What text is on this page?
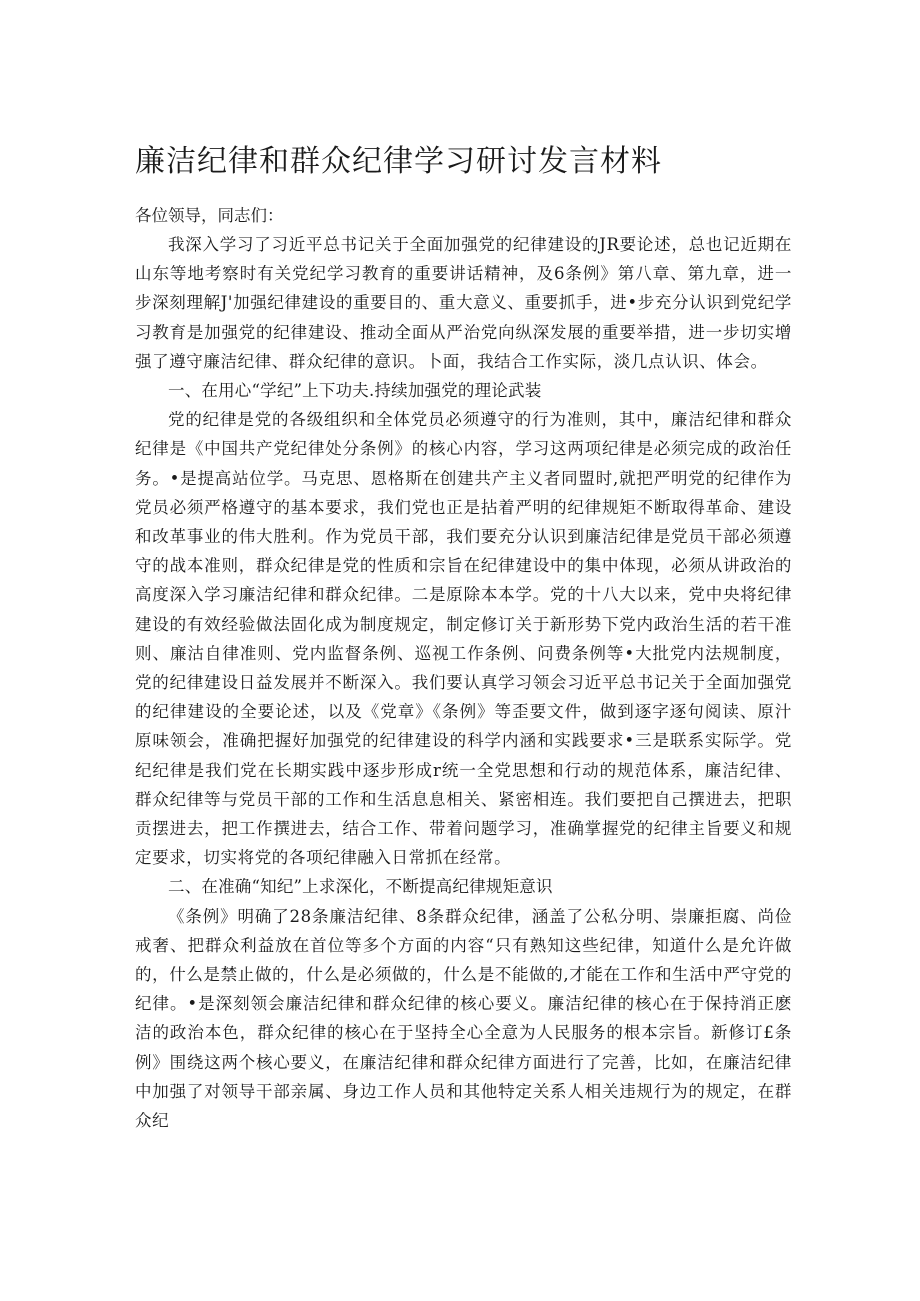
廉洁纪律和群众纪律学习研讨发言材料

各位领导，同志们：

我深入学习了习近平总书记关于全面加强党的纪律建设的JR要论述，总也记近期在山东等地考察时有关党纪学习教育的重要讲话精神，及6条例》第八章、第九章，进一步深刻理解J'加强纪律建设的重要目的、重大意义、重要抓手，进•步充分认识到党纪学习教育是加强党的纪律建设、推动全面从严治党向纵深发展的重要举措，进一步切实增强了遵守廉洁纪律、群众纪律的意识。卜面，我结合工作实际，淡几点认识、体会。

一、在用心“学纪”上下功夫.持续加强党的理论武装

党的纪律是党的各级组织和全体党员必须遵守的行为准则，其中，廉洁纪律和群众纪律是《中国共产党纪律处分条例》的核心内容，学习这两项纪律是必须完成的政治任务。•是提高站位学。马克思、恩格斯在创建共产主义者同盟时,就把严明党的纪律作为党员必须严格遵守的基本要求，我们党也正是拈着严明的纪律规矩不断取得革命、建设和改革事业的伟大胜利。作为党员干部，我们要充分认识到廉洁纪律是党员干部必须遵守的战本准则，群众纪律是党的性质和宗旨在纪律建设中的集中体现，必须从讲政治的高度深入学习廉洁纪律和群众纪律。二是原除本本学。党的十八大以来，党中央将纪律建设的有效经验做法固化成为制度规定，制定修订关于新形势下党内政治生活的若干准则、廉沽自律准则、党内监督条例、巡视工作条例、问费条例等•大批党内法规制度，党的纪律建设日益发展并不断深入。我们要认真学习领会习近平总书记关于全面加强党的纪律建设的全要论述，以及《党章》《条例》等歪要文件，做到逐字逐句阅读、原汁原味领会，准确把握好加强党的纪律建设的科学内涵和实践要求•三是联系实际学。党纪纪律是我们党在长期实践中逐步形成r统一全党思想和行动的规范体系，廉洁纪律、群众纪律等与党员干部的工作和生活息息相关、紧密相连。我们要把自己撰进去，把职贡摆进去，把工作撰进去，结合工作、带着问题学习，准确掌握党的纪律主旨要义和规定要求，切实将党的各项纪律融入日常抓在经常。

二、在准确“知纪”上求深化，不断提高纪律规矩意识

《条例》明确了28条廉洁纪律、8条群众纪律，涵盖了公私分明、崇廉拒腐、尚俭戒奢、把群众利益放在首位等多个方面的内容“只有熟知这些纪律，知道什么是允许做的，什么是禁止做的，什么是必须做的，什么是不能做的,才能在工作和生活中严守党的纪律。•是深刻领会廉洁纪律和群众纪律的核心要义。廉洁纪律的核心在于保持消正麽洁的政治本色，群众纪律的核心在于坚持全心全意为人民服务的根本宗旨。新修订£条例》围绕这两个核心要义，在廉洁纪律和群众纪律方面进行了完善，比如，在廉洁纪律中加强了对领导干部亲属、身边工作人员和其他特定关系人相关违规行为的规定，在群众纪
